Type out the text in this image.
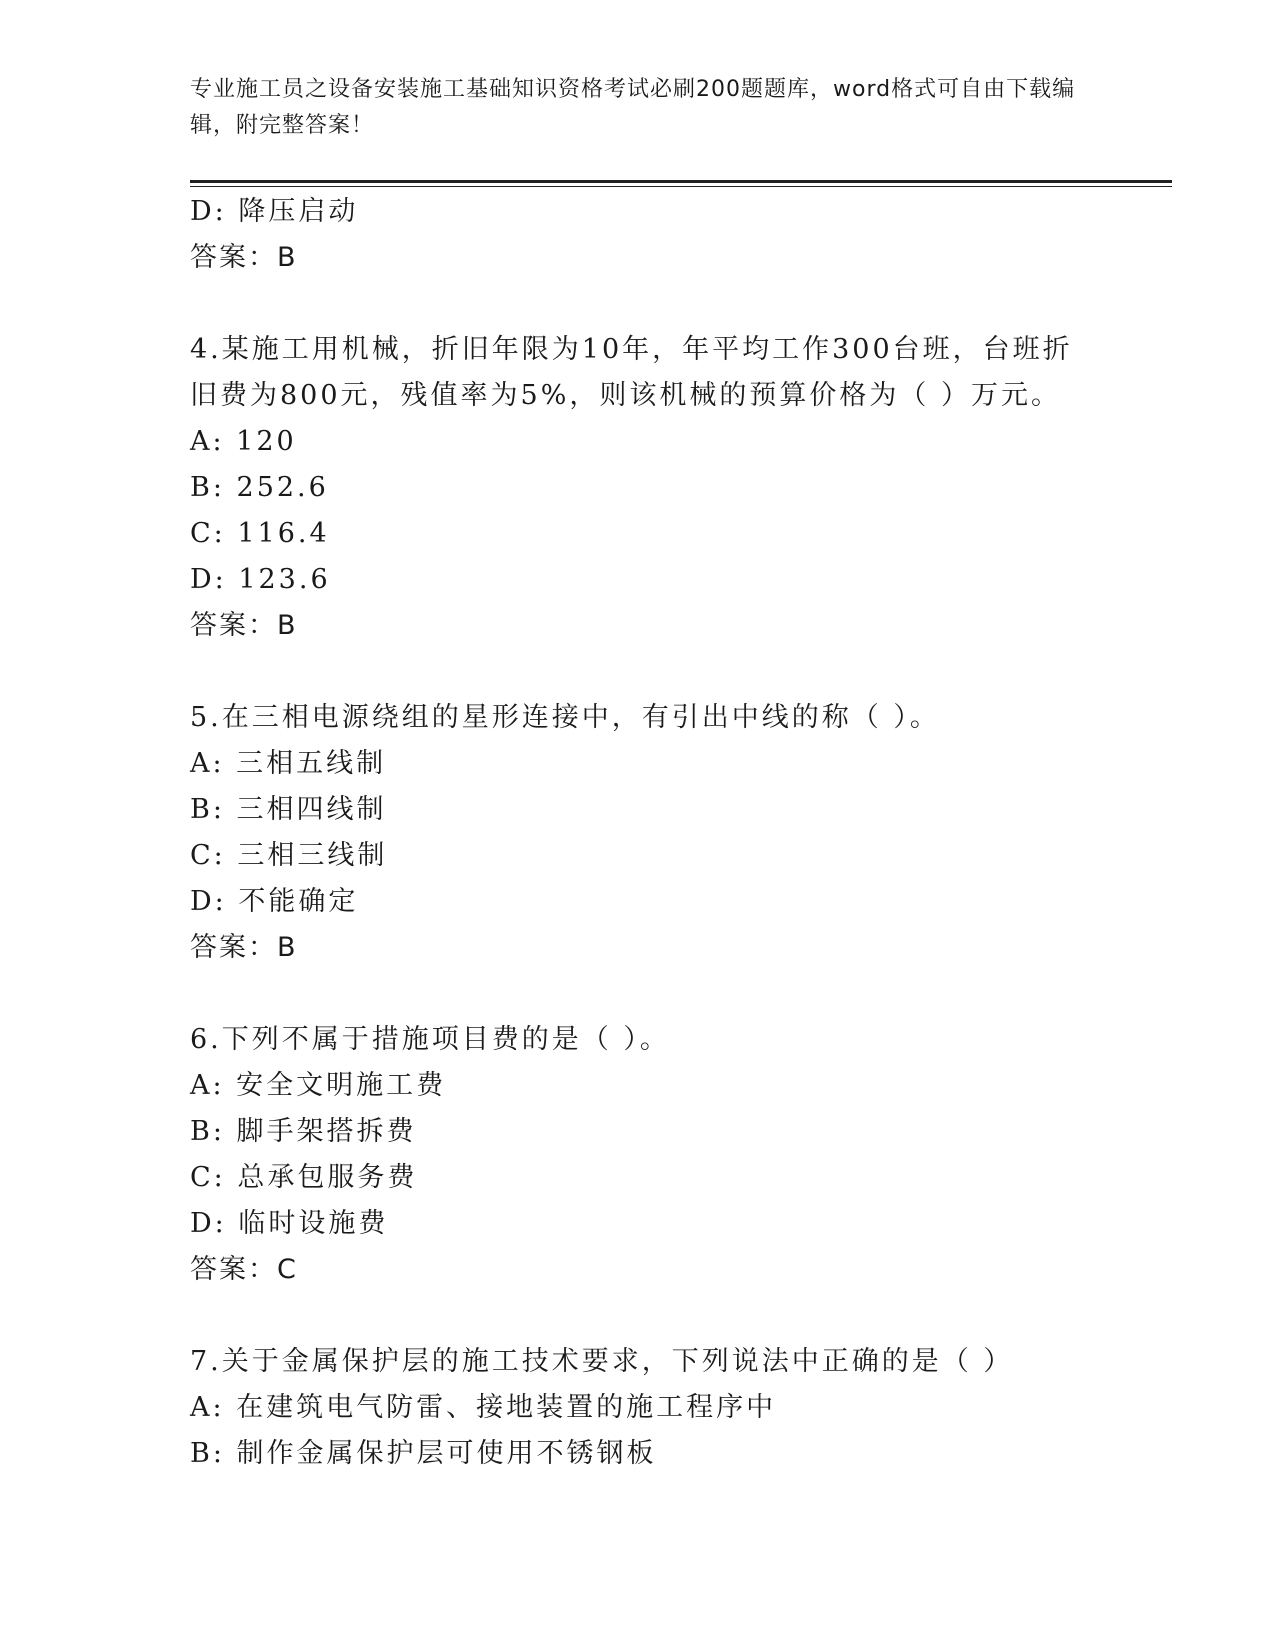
专业施工员之设备安装施工基础知识资格考试必刷200题题库，word格式可自由下载编辑，附完整答案！
D: 降压启动
答案：B
4.某施工用机械，折旧年限为10年，年平均工作300台班，台班折旧费为800元，残值率为5%，则该机械的预算价格为（ ）万元。
A: 120
B: 252.6
C: 116.4
D: 123.6
答案：B
5.在三相电源绕组的星形连接中，有引出中线的称（ ）。
A: 三相五线制
B: 三相四线制
C: 三相三线制
D: 不能确定
答案：B
6.下列不属于措施项目费的是（ ）。
A: 安全文明施工费
B: 脚手架搭拆费
C: 总承包服务费
D: 临时设施费
答案：C
7.关于金属保护层的施工技术要求，下列说法中正确的是（ ）
A: 在建筑电气防雷、接地装置的施工程序中
B: 制作金属保护层可使用不锈钢板
